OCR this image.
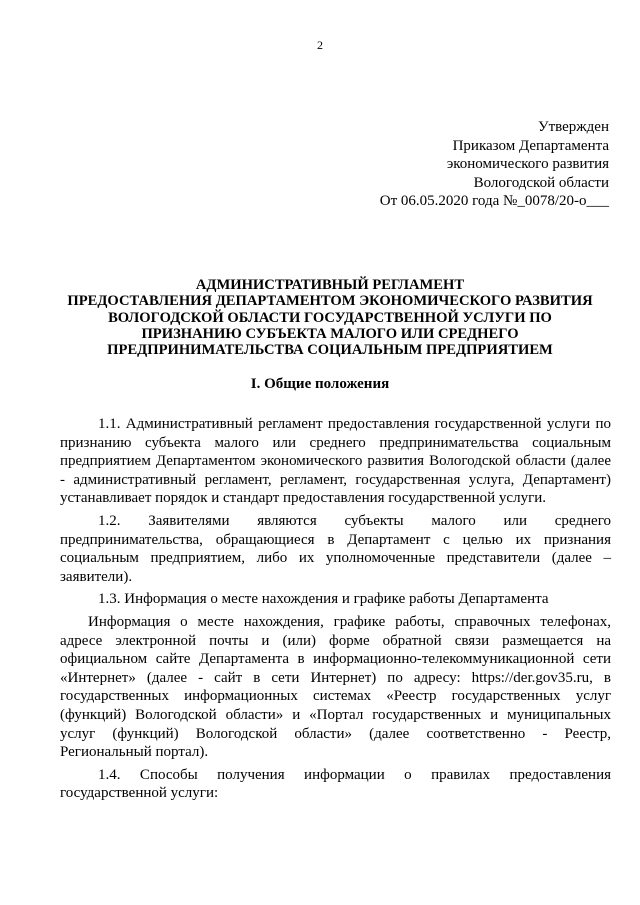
2
Утвержден
Приказом Департамента
экономического развития
Вологодской области
От 06.05.2020 года №_0078/20-о___
АДМИНИСТРАТИВНЫЙ РЕГЛАМЕНТ
ПРЕДОСТАВЛЕНИЯ ДЕПАРТАМЕНТОМ ЭКОНОМИЧЕСКОГО РАЗВИТИЯ
ВОЛОГОДСКОЙ ОБЛАСТИ ГОСУДАРСТВЕННОЙ УСЛУГИ ПО
ПРИЗНАНИЮ СУБЪЕКТА МАЛОГО ИЛИ СРЕДНЕГО
ПРЕДПРИНИМАТЕЛЬСТВА СОЦИАЛЬНЫМ ПРЕДПРИЯТИЕМ
I. Общие положения

1.1. Административный регламент предоставления государственной услуги по признанию субъекта малого или среднего предпринимательства социальным предприятием Департаментом экономического развития Вологодской области (далее - административный регламент, регламент, государственная услуга, Департамент) устанавливает порядок и стандарт предоставления государственной услуги.

1.2. Заявителями являются субъекты малого или среднего предпринимательства, обращающиеся в Департамент с целью их признания социальным предприятием, либо их уполномоченные представители (далее – заявители).

1.3. Информация о месте нахождения и графике работы Департамента

Информация о месте нахождения, графике работы, справочных телефонах, адресе электронной почты и (или) форме обратной связи размещается на официальном сайте Департамента в информационно-телекоммуникационной сети «Интернет» (далее - сайт в сети Интернет) по адресу: https://der.gov35.ru, в государственных информационных системах «Реестр государственных услуг (функций) Вологодской области» и «Портал государственных и муниципальных услуг (функций) Вологодской области» (далее соответственно - Реестр, Региональный портал).

1.4. Способы получения информации о правилах предоставления государственной услуги:
